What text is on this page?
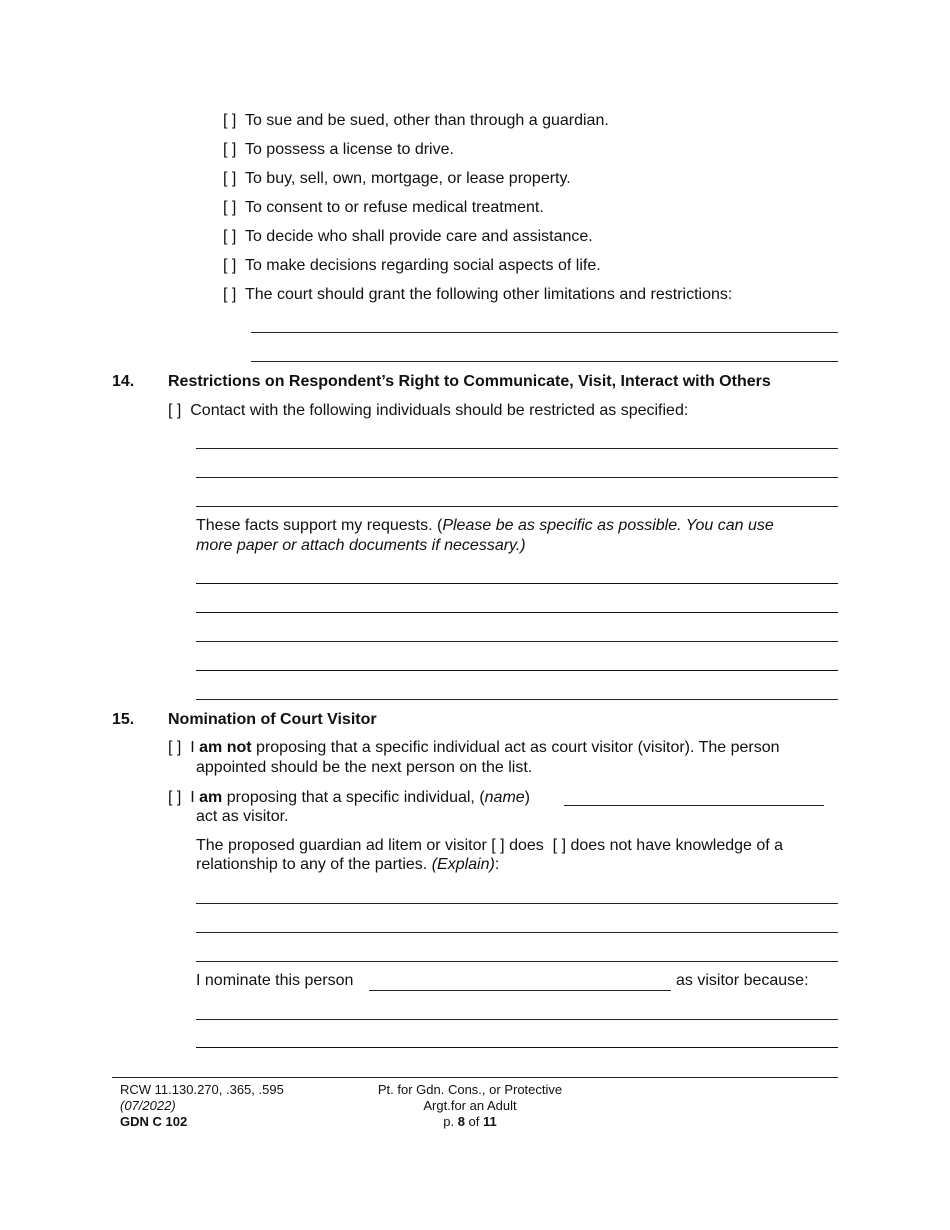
[ ] To sue and be sued, other than through a guardian.
[ ] To possess a license to drive.
[ ] To buy, sell, own, mortgage, or lease property.
[ ] To consent to or refuse medical treatment.
[ ] To decide who shall provide care and assistance.
[ ] To make decisions regarding social aspects of life.
[ ] The court should grant the following other limitations and restrictions:
14. Restrictions on Respondent’s Right to Communicate, Visit, Interact with Others
[ ] Contact with the following individuals should be restricted as specified:
These facts support my requests. (Please be as specific as possible. You can use
more paper or attach documents if necessary.)
15. Nomination of Court Visitor
[ ] I am not proposing that a specific individual act as court visitor (visitor). The person
appointed should be the next person on the list.
[ ] I am proposing that a specific individual, (name)
act as visitor.
The proposed guardian ad litem or visitor [ ] does [ ] does not have knowledge of a
relationship to any of the parties. (Explain):
I nominate this person	as visitor because:
RCW 11.130.270, .365, .595
(07/2022)
GDN C 102
Pt. for Gdn. Cons., or Protective
Argt.for an Adult
p. 8 of 11
